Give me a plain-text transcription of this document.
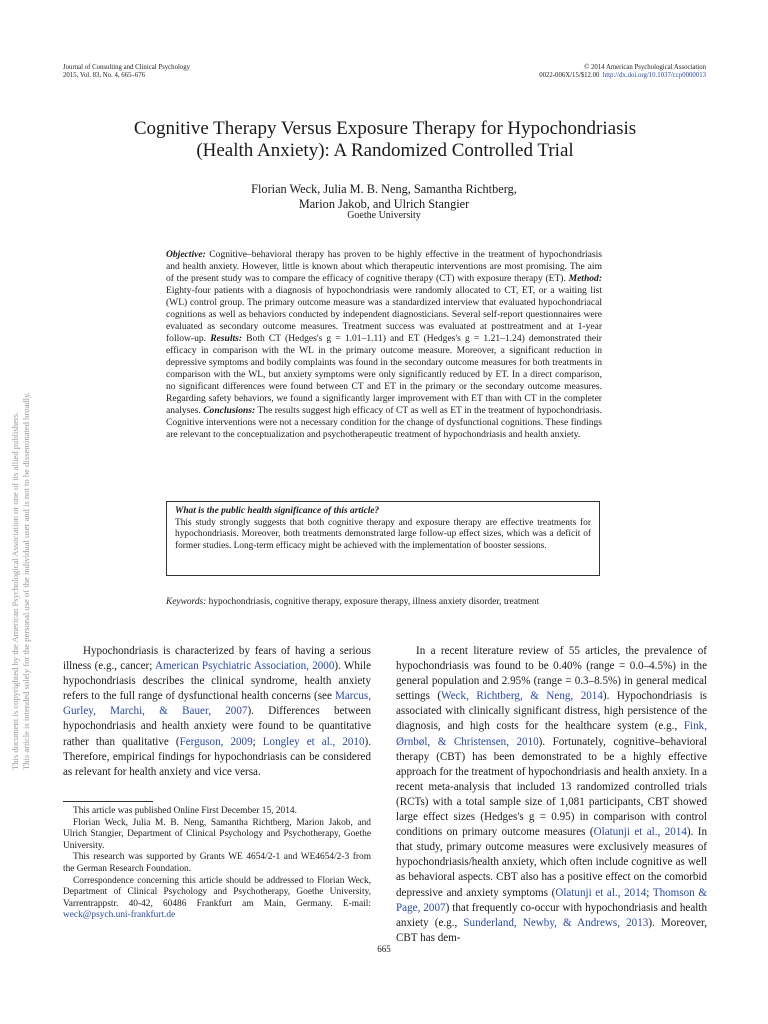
Journal of Consulting and Clinical Psychology
2015, Vol. 83, No. 4, 665–676
© 2014 American Psychological Association
0022-006X/15/$12.00 http://dx.doi.org/10.1037/ccp0000013
Cognitive Therapy Versus Exposure Therapy for Hypochondriasis
(Health Anxiety): A Randomized Controlled Trial
Florian Weck, Julia M. B. Neng, Samantha Richtberg,
Marion Jakob, and Ulrich Stangier
Goethe University
Objective: Cognitive–behavioral therapy has proven to be highly effective in the treatment of hypochondriasis and health anxiety. However, little is known about which therapeutic interventions are most promising. The aim of the present study was to compare the efficacy of cognitive therapy (CT) with exposure therapy (ET). Method: Eighty-four patients with a diagnosis of hypochondriasis were randomly allocated to CT, ET, or a waiting list (WL) control group. The primary outcome measure was a standardized interview that evaluated hypochondriacal cognitions as well as behaviors conducted by independent diagnosticians. Several self-report questionnaires were evaluated as secondary outcome measures. Treatment success was evaluated at posttreatment and at 1-year follow-up. Results: Both CT (Hedges's g = 1.01–1.11) and ET (Hedges's g = 1.21–1.24) demonstrated their efficacy in comparison with the WL in the primary outcome measure. Moreover, a significant reduction in depressive symptoms and bodily complaints was found in the secondary outcome measures for both treatments in comparison with the WL, but anxiety symptoms were only significantly reduced by ET. In a direct comparison, no significant differences were found between CT and ET in the primary or the secondary outcome measures. Regarding safety behaviors, we found a significantly larger improvement with ET than with CT in the completer analyses. Conclusions: The results suggest high efficacy of CT as well as ET in the treatment of hypochondriasis. Cognitive interventions were not a necessary condition for the change of dysfunctional cognitions. These findings are relevant to the conceptualization and psychotherapeutic treatment of hypochondriasis and health anxiety.
What is the public health significance of this article?
This study strongly suggests that both cognitive therapy and exposure therapy are effective treatments for hypochondriasis. Moreover, both treatments demonstrated large follow-up effect sizes, which was a deficit of former studies. Long-term efficacy might be achieved with the implementation of booster sessions.
Keywords: hypochondriasis, cognitive therapy, exposure therapy, illness anxiety disorder, treatment
This document is copyrighted by the American Psychological Association or one of its allied publishers. This article is intended solely for the personal use of the individual user and is not to be disseminated broadly.	Hypochondriasis is characterized by fears of having a serious illness (e.g., cancer; American Psychiatric Association, 2000). While hypochondriasis describes the clinical syndrome, health anxiety refers to the full range of dysfunctional health concerns (see Marcus, Gurley, Marchi, & Bauer, 2007). Differences between hypochondriasis and health anxiety were found to be quantitative rather than qualitative (Ferguson, 2009; Longley et al., 2010). Therefore, empirical findings for hypochondriasis can be considered as relevant for health anxiety and vice versa.

This article was published Online First December 15, 2014.

Florian Weck, Julia M. B. Neng, Samantha Richtberg, Marion Jakob, and Ulrich Stangier, Department of Clinical Psychology and Psychotherapy, Goethe University.

This research was supported by Grants WE 4654/2-1 and WE4654/2-3 from the German Research Foundation.

Correspondence concerning this article should be addressed to Florian Weck, Department of Clinical Psychology and Psychotherapy, Goethe University, Varrentrappstr. 40-42, 60486 Frankfurt am Main, Germany. E-mail: weck@psych.uni-frankfurt.de

In a recent literature review of 55 articles, the prevalence of hypochondriasis was found to be 0.40% (range = 0.0–4.5%) in the general population and 2.95% (range = 0.3–8.5%) in general medical settings (Weck, Richtberg, & Neng, 2014). Hypochondriasis is associated with clinically significant distress, high persistence of the diagnosis, and high costs for the healthcare system (e.g., Fink, Ørnbøl, & Christensen, 2010). Fortunately, cognitive–behavioral therapy (CBT) has been demonstrated to be a highly effective approach for the treatment of hypochondriasis and health anxiety. In a recent meta-analysis that included 13 randomized controlled trials (RCTs) with a total sample size of 1,081 participants, CBT showed large effect sizes (Hedges's g = 0.95) in comparison with control conditions on primary outcome measures (Olatunji et al., 2014). In that study, primary outcome measures were exclusively measures of hypochondriasis/health anxiety, which often include cognitive as well as behavioral aspects. CBT also has a positive effect on the comorbid depressive and anxiety symptoms (Olatunji et al., 2014; Thomson & Page, 2007) that frequently co-occur with hypochondriasis and health anxiety (e.g., Sunderland, Newby, & Andrews, 2013). Moreover, CBT has dem-
665
